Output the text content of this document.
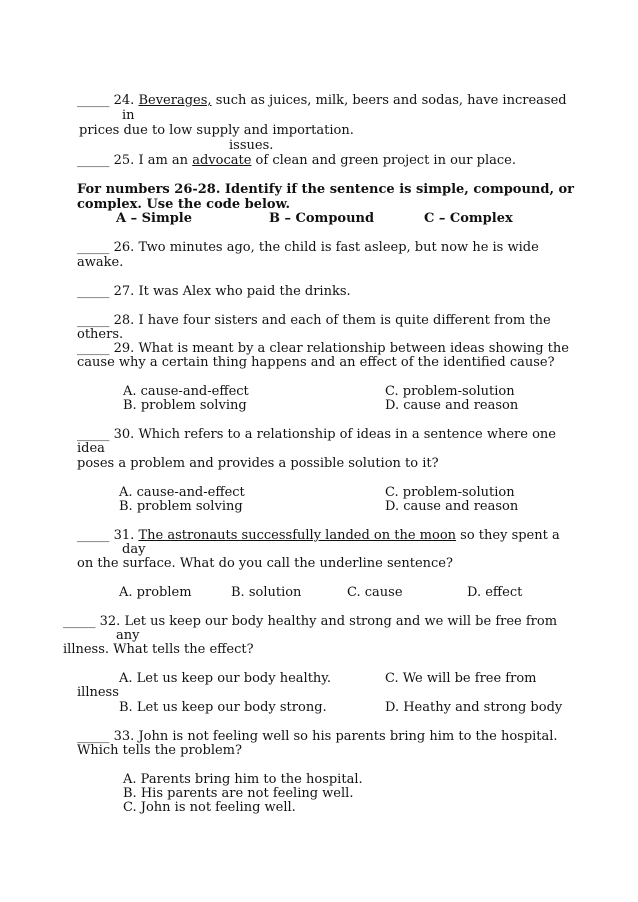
_____ 24. Beverages, such as juices, milk, beers and sodas, have increased
in
prices due to low supply and importation.
issues.
_____ 25. I am an advocate of clean and green project in our place.
For numbers 26-28. Identify if the sentence is simple, compound, or
complex. Use the code below.
A – Simple	B – Compound	C – Complex
_____ 26. Two minutes ago, the child is fast asleep, but now he is wide
awake.
_____ 27. It was Alex who paid the drinks.
_____ 28. I have four sisters and each of them is quite different from the
others.
_____ 29. What is meant by a clear relationship between ideas showing the
cause why a certain thing happens and an effect of the identified cause?
A. cause-and-effect	C. problem-solution
B. problem solving	D. cause and reason
_____ 30. Which refers to a relationship of ideas in a sentence where one
idea
poses a problem and provides a possible solution to it?
A. cause-and-effect	C. problem-solution
B. problem solving	D. cause and reason
_____ 31. The astronauts successfully landed on the moon so they spent a
day
on the surface. What do you call the underline sentence?
A. problem	B. solution	C. cause	D. effect
_____ 32. Let us keep our body healthy and strong and we will be free from
any
illness. What tells the effect?
A. Let us keep our body healthy.	C. We will be free from
illness
B. Let us keep our body strong.	D. Heathy and strong body
_____ 33. John is not feeling well so his parents bring him to the hospital.
Which tells the problem?
A. Parents bring him to the hospital.
B. His parents are not feeling well.
C. John is not feeling well.
